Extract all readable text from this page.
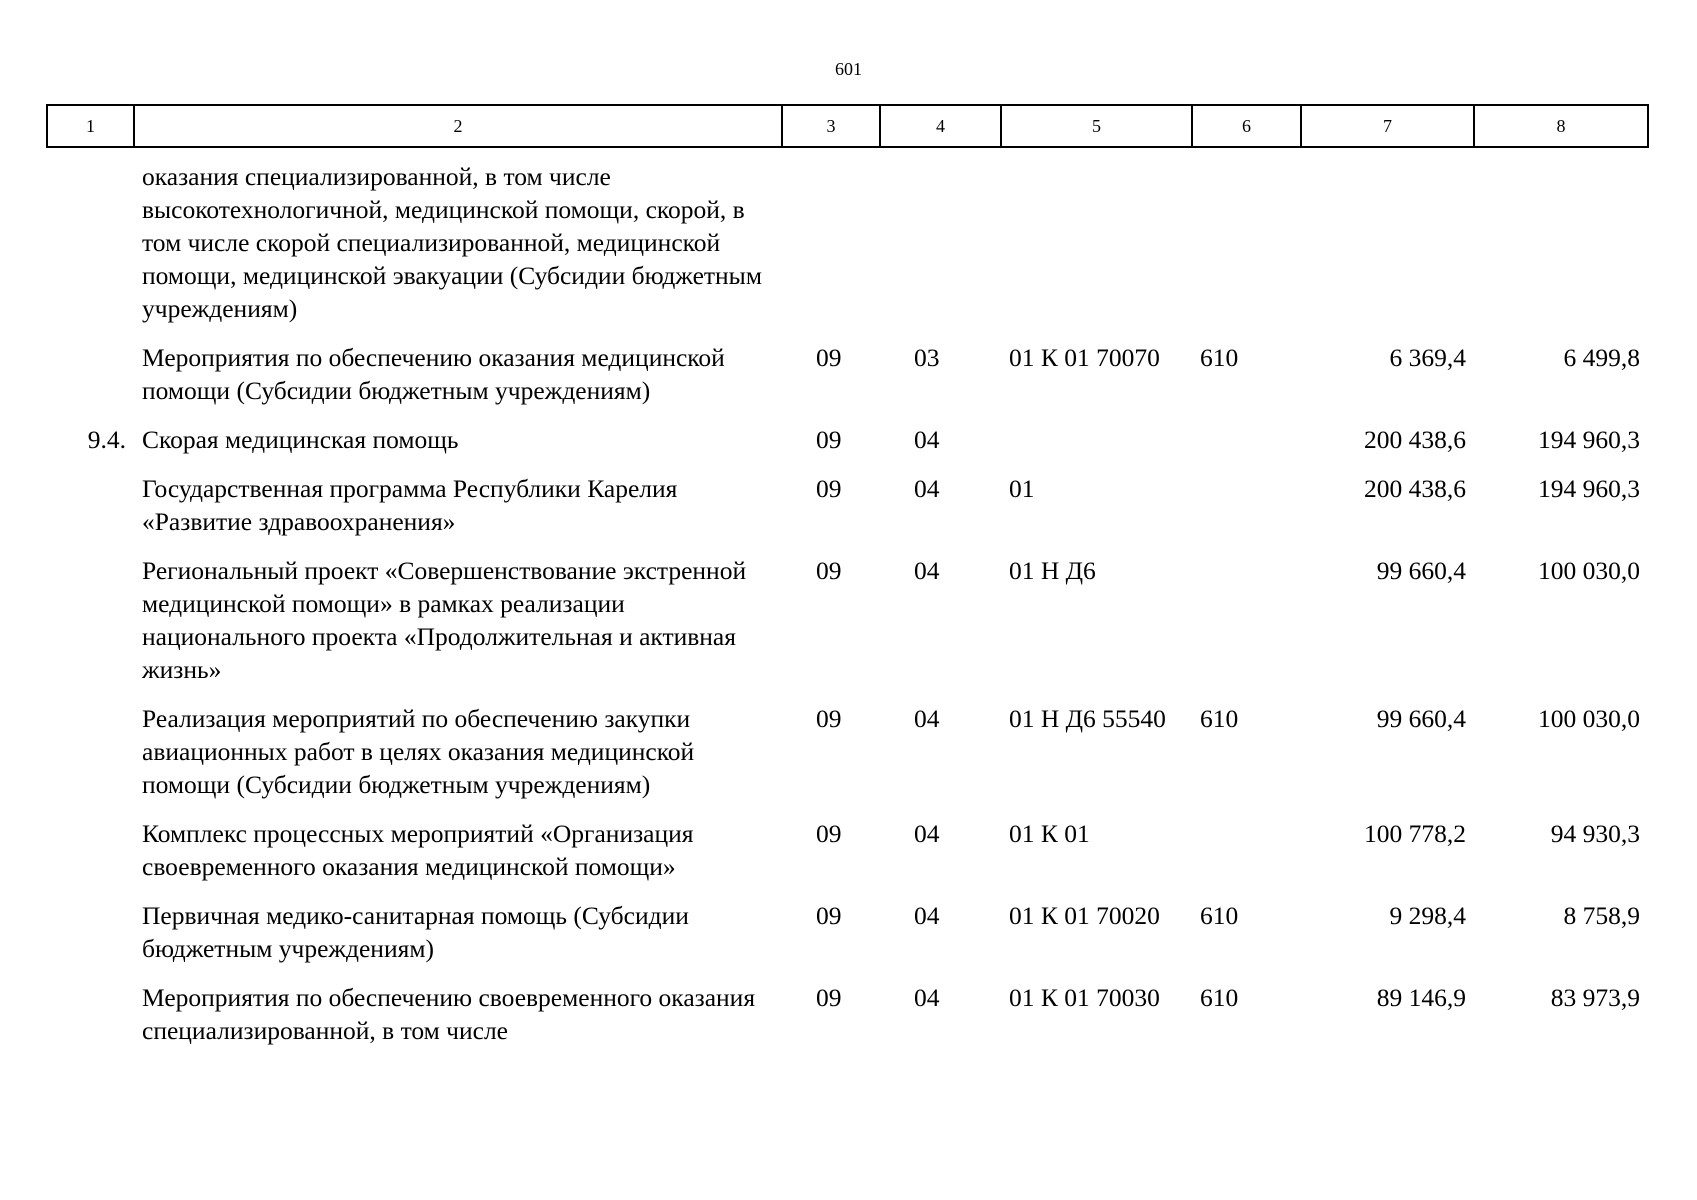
601
1	2	3	4	5	6	7	8
	оказания специализированной, в том числе высокотехнологичной, медицинской помощи, скорой, в том числе скорой специализированной, медицинской помощи, медицинской эвакуации (Субсидии бюджетным учреждениям)						
	Мероприятия по обеспечению оказания медицинской помощи (Субсидии бюджетным учреждениям)	09	03	01 К 01 70070	610	6 369,4	6 499,8
9.4.	Скорая медицинская помощь	09	04			200 438,6	194 960,3
	Государственная программа Республики Карелия «Развитие здравоохранения»	09	04	01		200 438,6	194 960,3
	Региональный проект «Совершенствование экстренной медицинской помощи» в рамках реализации национального проекта «Продолжительная и активная жизнь»	09	04	01 Н Д6		99 660,4	100 030,0
	Реализация мероприятий по обеспечению закупки авиационных работ в целях оказания медицинской помощи (Субсидии бюджетным учреждениям)	09	04	01 Н Д6 55540	610	99 660,4	100 030,0
	Комплекс процессных мероприятий «Организация своевременного оказания медицинской помощи»	09	04	01 К 01		100 778,2	94 930,3
	Первичная медико-санитарная помощь (Субсидии бюджетным учреждениям)	09	04	01 К 01 70020	610	9 298,4	8 758,9
	Мероприятия по обеспечению своевременного оказания специализированной, в том числе	09	04	01 К 01 70030	610	89 146,9	83 973,9
